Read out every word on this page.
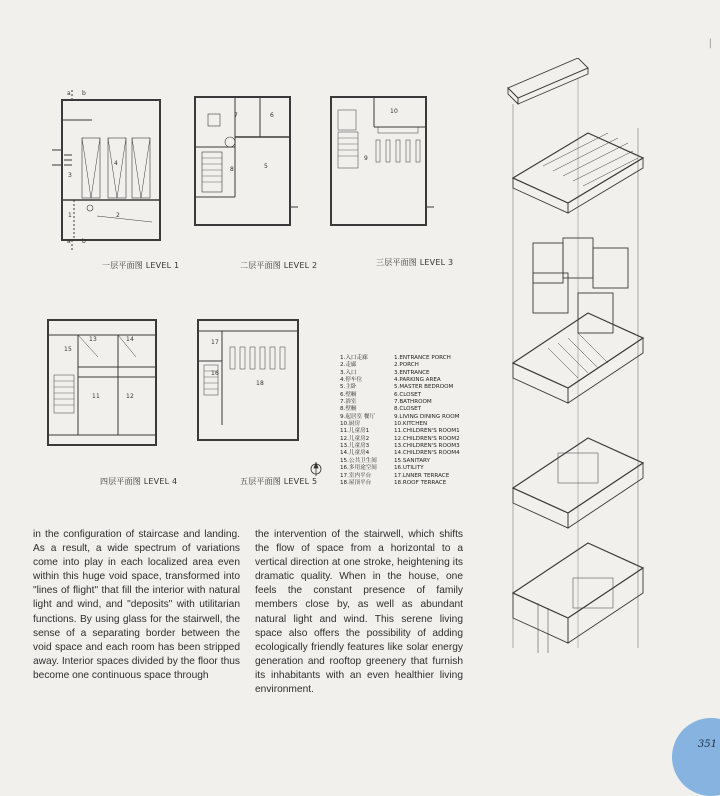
|
一层平面图 LEVEL 1	二层平面图 LEVEL 2	三层平面图 LEVEL 3
四层平面图 LEVEL 4	五层平面图 LEVEL 5
a b
3
4
1	2
a b
7	6
8	5
10
9
13	14
15
11	12
17
16
18
1.入口走廊	1.ENTRANCE PORCH
2.走廊	2.PORCH
3.入口	3.ENTRANCE
4.停车位	4.PARKING AREA
5.主卧	5.MASTER BEDROOM
6.壁橱	6.CLOSET
7.浴室	7.BATHROOM
8.壁橱	8.CLOSET
9.起居室 餐厅	9.LIVING DINING ROOM
10.厨房	10.KITCHEN
11.儿童房1	11.CHILDREN'S ROOM1
12.儿童房2	12.CHILDREN'S ROOM2
13.儿童房3	13.CHILDREN'S ROOM3
14.儿童房4	14.CHILDREN'S ROOM4
15.公共卫生间	15.SANITARY
16.多用途空间	16.UTILITY
17.室内平台	17.LNNER TERRACE
18.屋顶平台	18.ROOF TERRACE
in the configuration of staircase and landing. As a result, a wide spectrum of variations come into play in each localized area even within this huge void space, transformed into "lines of flight" that fill the interior with natural light and wind, and "deposits" with utilitarian functions. By using glass for the stairwell, the sense of a separating border between the void space and each room has been stripped away. Interior spaces divided by the floor thus become one continuous space through
the intervention of the stairwell, which shifts the flow of space from a horizontal to a vertical direction at one stroke, heightening its dramatic quality. When in the house, one feels the constant presence of family members close by, as well as abundant natural light and wind. This serene living space also offers the possibility of adding ecologically friendly features like solar energy generation and rooftop greenery that furnish its inhabitants with an even healthier living environment.
351
